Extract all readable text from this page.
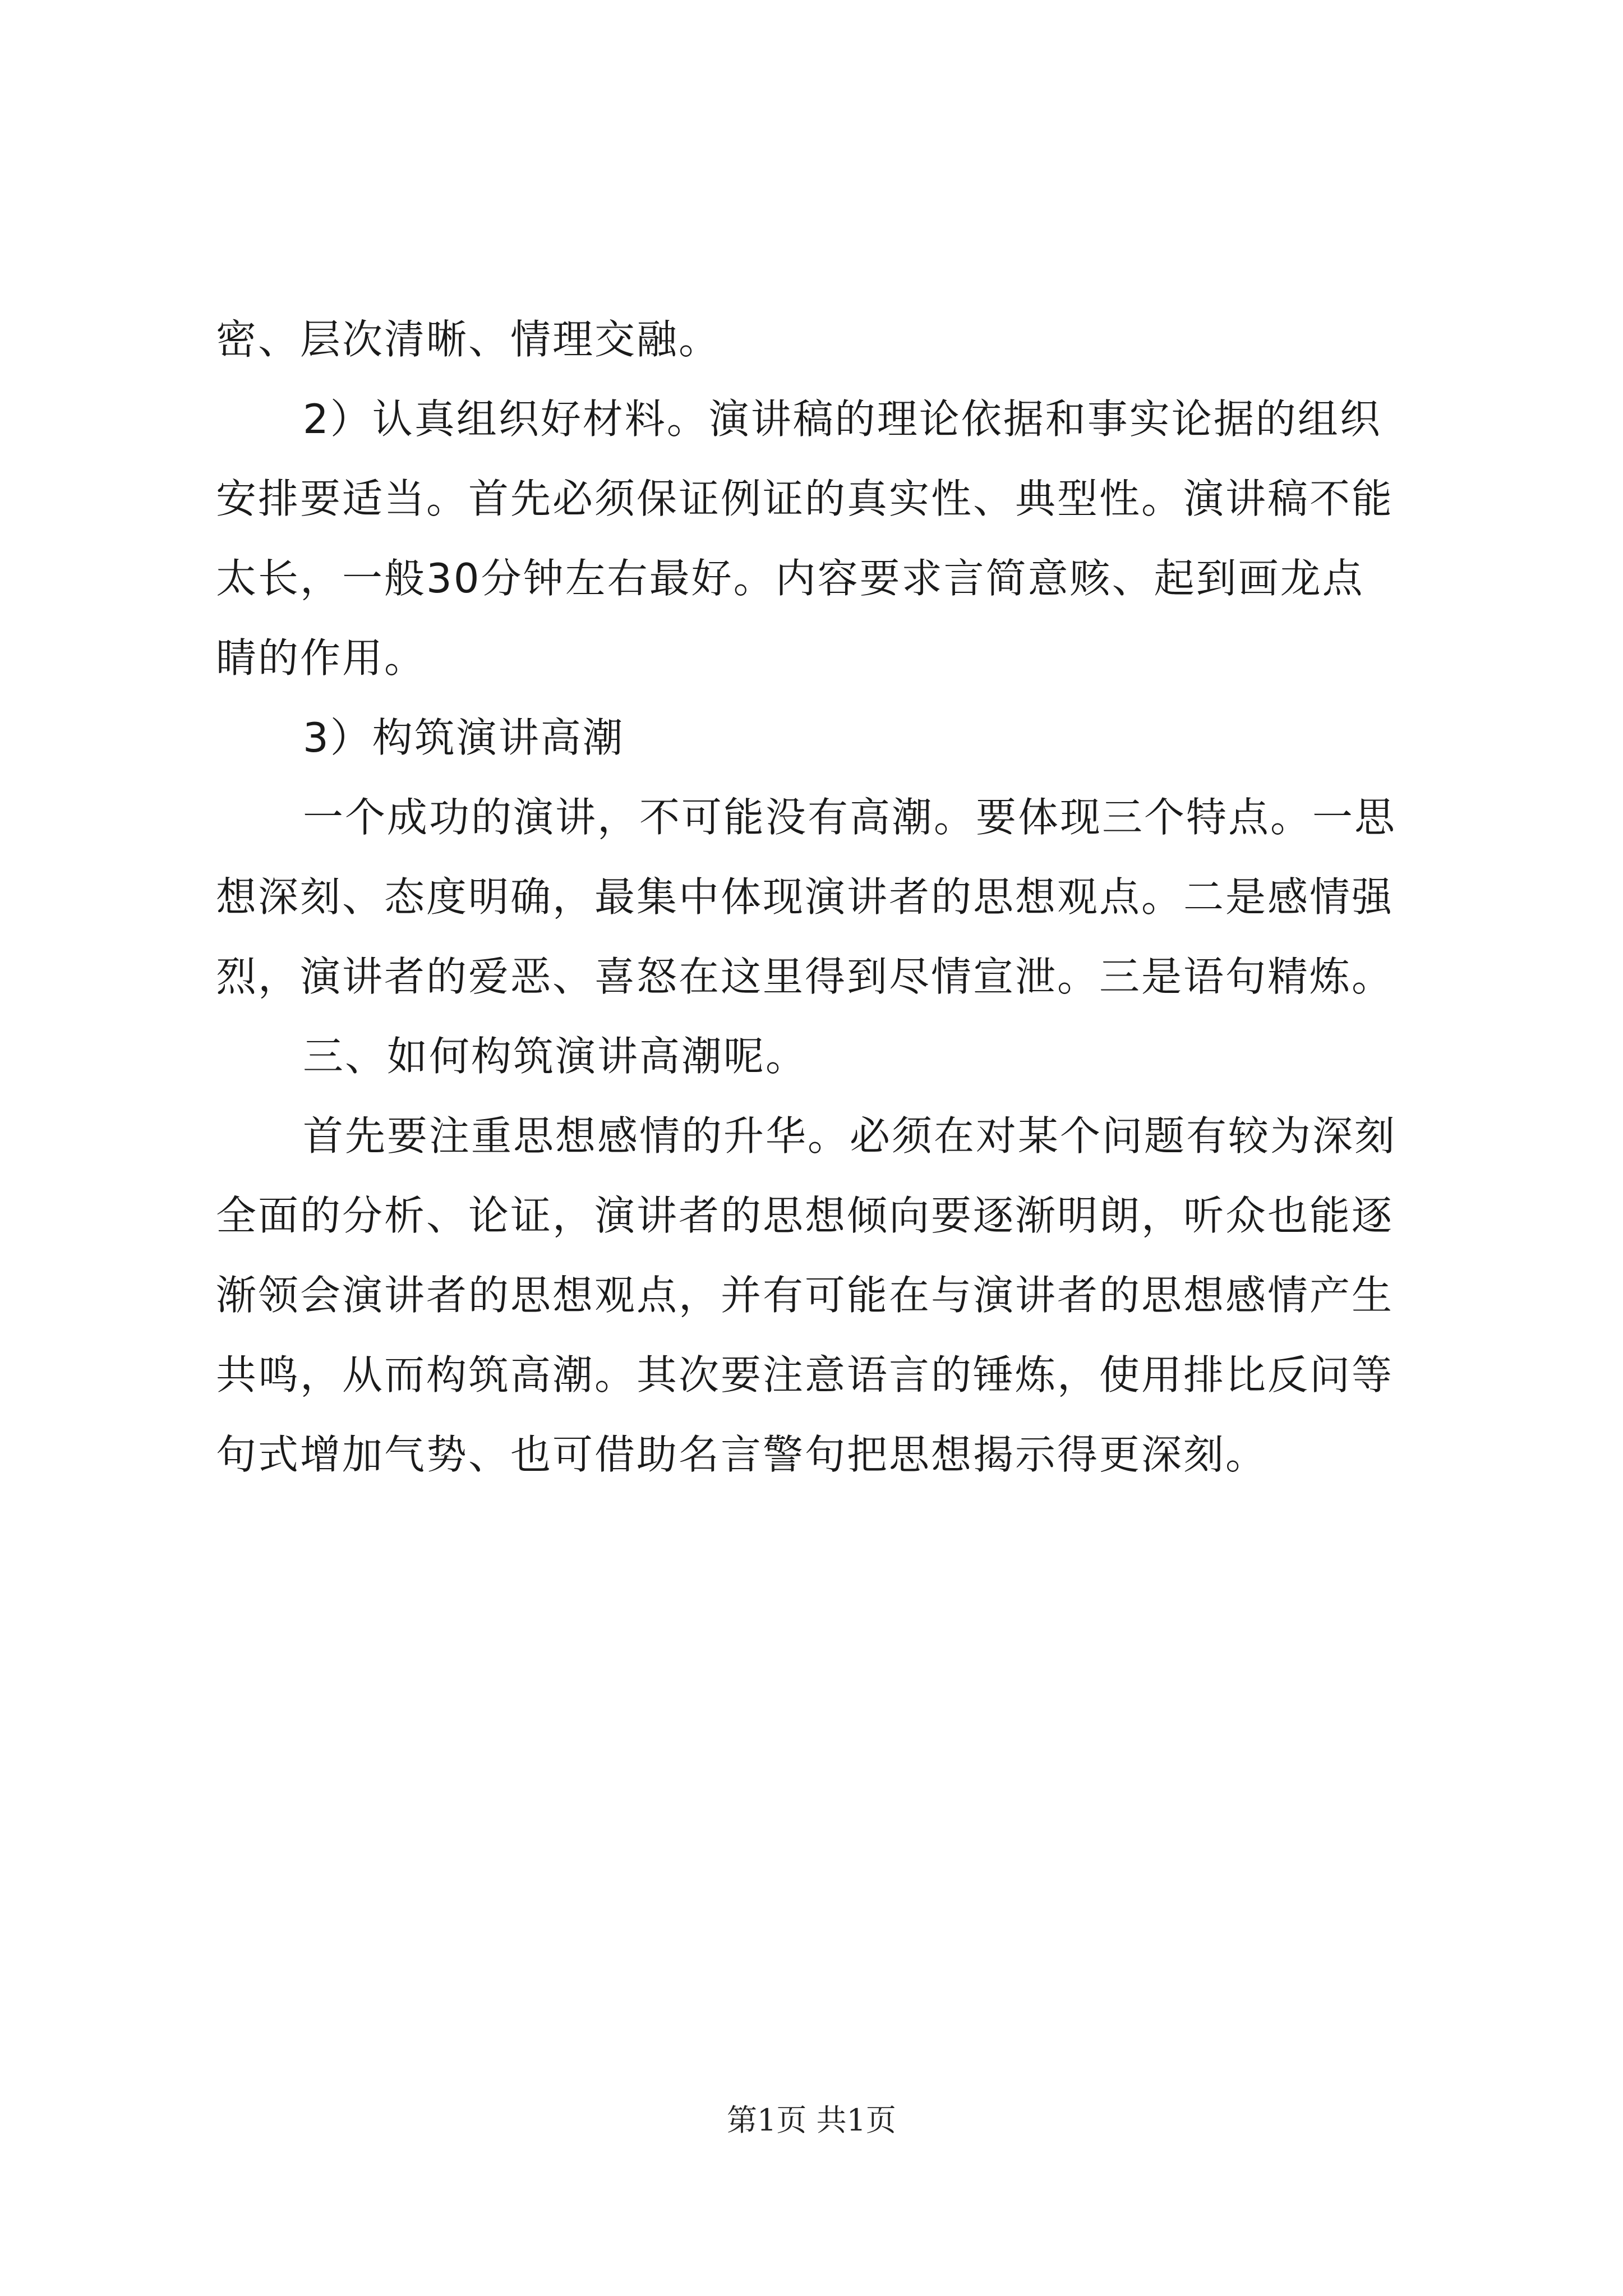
密、层次清晰、情理交融。
2）认真组织好材料。演讲稿的理论依据和事实论据的组织
安排要适当。首先必须保证例证的真实性、典型性。演讲稿不能
太长，一般30分钟左右最好。内容要求言简意赅、起到画龙点
睛的作用。
3）构筑演讲高潮
一个成功的演讲，不可能没有高潮。要体现三个特点。一思
想深刻、态度明确，最集中体现演讲者的思想观点。二是感情强
烈，演讲者的爱恶、喜怒在这里得到尽情宣泄。三是语句精炼。
三、如何构筑演讲高潮呢。
首先要注重思想感情的升华。必须在对某个问题有较为深刻
全面的分析、论证，演讲者的思想倾向要逐渐明朗，听众也能逐
渐领会演讲者的思想观点，并有可能在与演讲者的思想感情产生
共鸣，从而构筑高潮。其次要注意语言的锤炼，使用排比反问等
句式增加气势、也可借助名言警句把思想揭示得更深刻。
第1页 共1页
